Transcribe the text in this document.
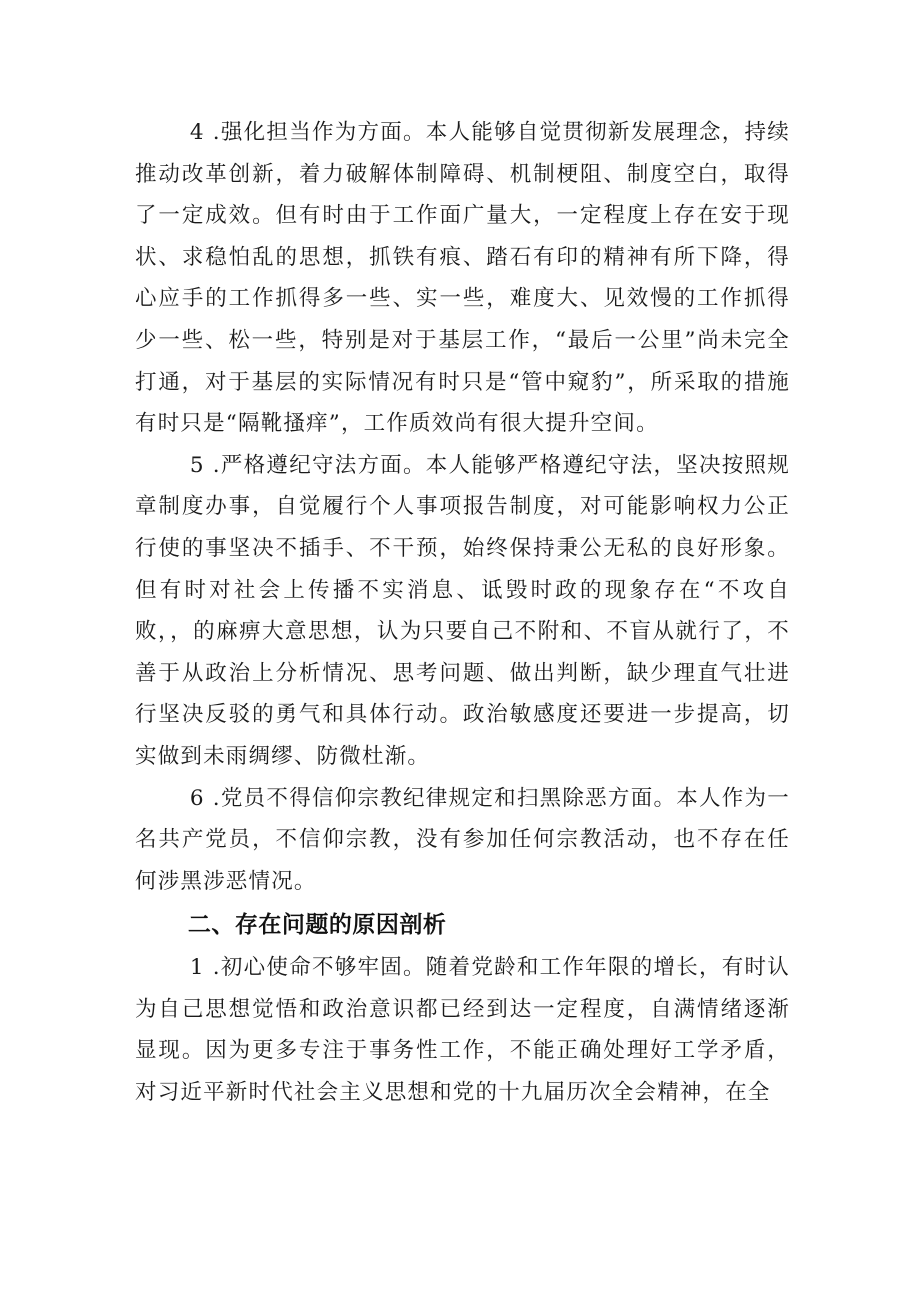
4 .强化担当作为方面。本人能够自觉贯彻新发展理念，持续推动改革创新，着力破解体制障碍、机制梗阻、制度空白，取得了一定成效。但有时由于工作面广量大，一定程度上存在安于现状、求稳怕乱的思想，抓铁有痕、踏石有印的精神有所下降，得心应手的工作抓得多一些、实一些，难度大、见效慢的工作抓得少一些、松一些，特别是对于基层工作，“最后一公里”尚未完全打通，对于基层的实际情况有时只是“管中窥豹”，所采取的措施有时只是“隔靴搔痒”，工作质效尚有很大提升空间。

5 .严格遵纪守法方面。本人能够严格遵纪守法，坚决按照规章制度办事，自觉履行个人事项报告制度，对可能影响权力公正行使的事坚决不插手、不干预，始终保持秉公无私的良好形象。但有时对社会上传播不实消息、诋毁时政的现象存在“不攻自败，，的麻痹大意思想，认为只要自己不附和、不盲从就行了，不善于从政治上分析情况、思考问题、做出判断，缺少理直气壮进行坚决反驳的勇气和具体行动。政治敏感度还要进一步提高，切实做到未雨绸缪、防微杜渐。

6 .党员不得信仰宗教纪律规定和扫黑除恶方面。本人作为一名共产党员，不信仰宗教，没有参加任何宗教活动，也不存在任何涉黑涉恶情况。

二、存在问题的原因剖析

1 .初心使命不够牢固。随着党龄和工作年限的增长，有时认为自己思想觉悟和政治意识都已经到达一定程度，自满情绪逐渐显现。因为更多专注于事务性工作，不能正确处理好工学矛盾，对习近平新时代社会主义思想和党的十九届历次全会精神，在全
